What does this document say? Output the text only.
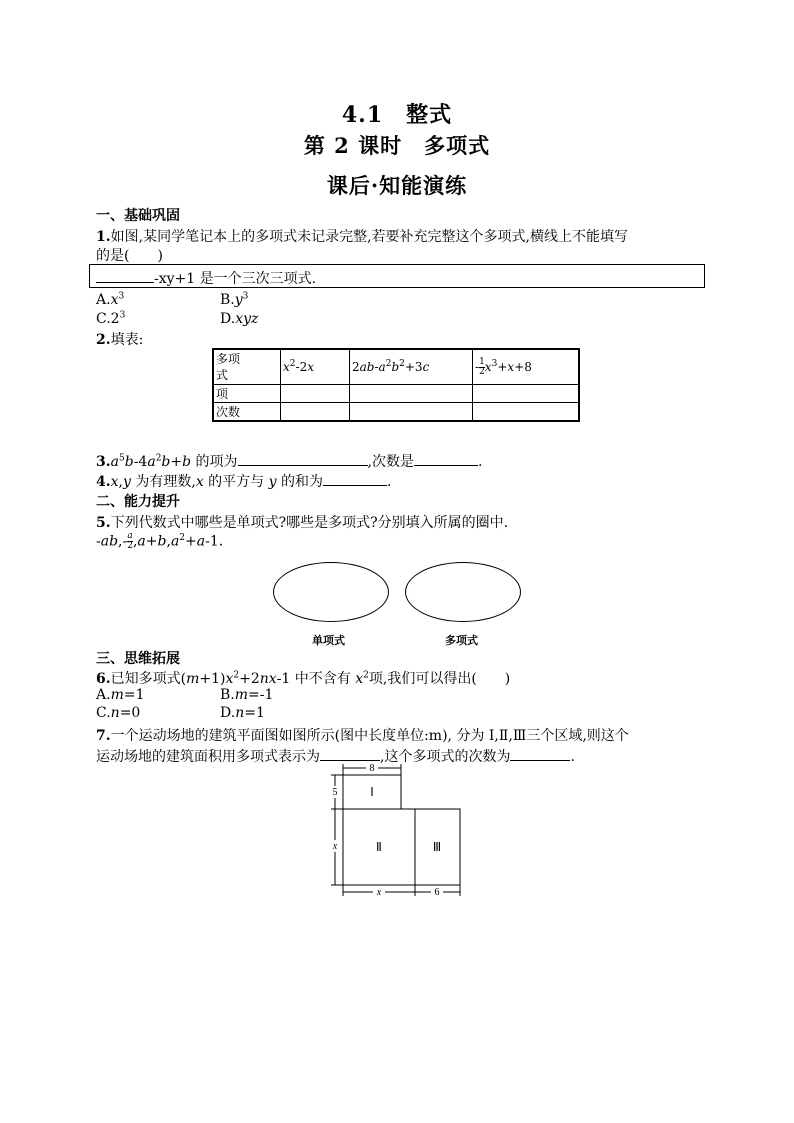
4.1　整式
第 2 课时　多项式
课后·知能演练
一、基础巩固
1.如图,某同学笔记本上的多项式未记录完整,若要补充完整这个多项式,横线上不能填写
的是(　　)
-xy+1 是一个三次三项式.
$A.x^3$	$B.y^3$
$C.2^3$	D.xyz
2.填表:
多项
式	$x^2-2x$	$2ab-a^2b^2+3c$	- $\frac{1}{2}x^3+x+8$
项			
次数			
$3.a^5b-4a^2b+b$ 的项为	,次数是	.
4.x,y 为有理数,x 的平方与 y 的和为	.
二、能力提升
5.下列代数式中哪些是单项式?哪些是多项式?分别填入所属的圈中.
$-ab,- \frac{a}{2},a+b,a^2+a-1$.
单项式	多项式
三、思维拓展
6.已知多项式$(m+1)x^2+2nx-1$ 中不含有 $x^2$项,我们可以得出(　　)
A.m=1	B.m=-1
C.n=0	D.n=1
7.一个运动场地的建筑平面图如图所示(图中长度单位:m), 分为 Ⅰ,Ⅱ,Ⅲ三个区域,则这个
运动场地的建筑面积用多项式表示为	,这个多项式的次数为	.
8
5
x
x	6
Ⅰ
Ⅱ	Ⅲ
